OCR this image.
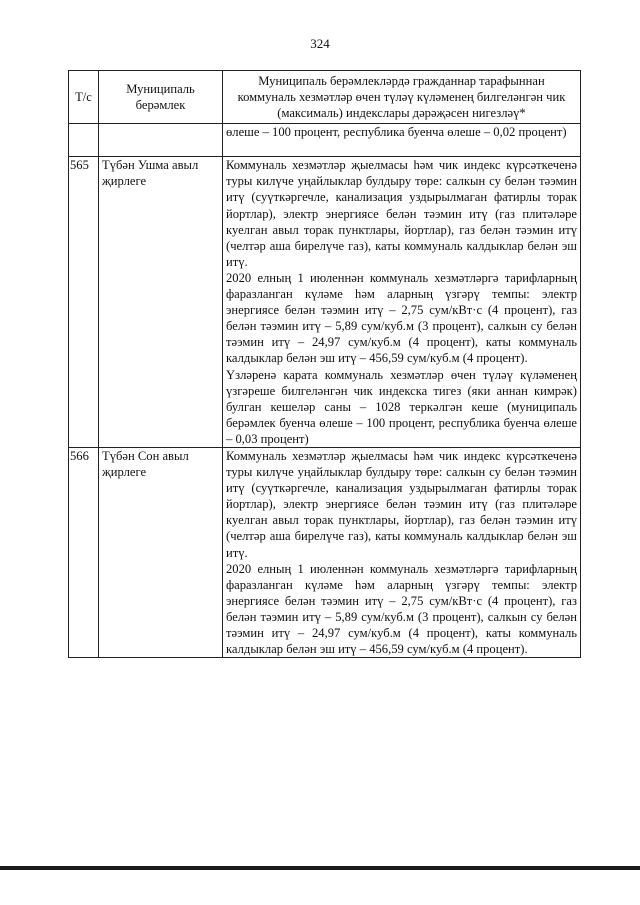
324
Т/с	Муниципаль берәмлек	Муниципаль берәмлекләрдә гражданнар тарафыннан коммуналь хезмәтләр өчен түләү күләменең билгеләнгән чик (максималь) индекслары дәрәҗәсен нигезләү*

		өлеше – 100 процент, республика буенча өлеше – 0,02 процент)

565	Түбән Ушма авыл җирлеге	Коммуналь хезмәтләр җыелмасы һәм чик индекс күрсәткеченә туры килүче уңайлыклар булдыру төре: салкын су белән тәэмин итү (суүткәргечле, канализация уздырылмаган фатирлы торак йортлар), электр энергиясе белән тәэмин итү (газ плитәләре куелган авыл торак пунктлары, йортлар), газ белән тәэмин итү (челтәр аша бирелүче газ), каты коммуналь калдыклар белән эш итү.

2020 елның 1 июленнән коммуналь хезмәтләргә тарифларның фаразланган күләме һәм аларның үзгәрү темпы: электр энергиясе белән тәэмин итү – 2,75 сум/кВт·с (4 процент), газ белән тәэмин итү – 5,89 сум/куб.м (3 процент), салкын су белән тәэмин итү – 24,97 сум/куб.м (4 процент), каты коммуналь калдыклар белән эш итү – 456,59 сум/куб.м (4 процент).

Үзләренә карата коммуналь хезмәтләр өчен түләү күләменең үзгәреше билгеләнгән чик индекска тигез (яки аннан кимрәк) булган кешеләр саны – 1028 теркәлгән кеше (муниципаль берәмлек буенча өлеше – 100 процент, республика буенча өлеше – 0,03 процент)

566	Түбән Сон авыл җирлеге	Коммуналь хезмәтләр җыелмасы һәм чик индекс күрсәткеченә туры килүче уңайлыклар булдыру төре: салкын су белән тәэмин итү (суүткәргечле, канализация уздырылмаган фатирлы торак йортлар), электр энергиясе белән тәэмин итү (газ плитәләре куелган авыл торак пунктлары, йортлар), газ белән тәэмин итү (челтәр аша бирелүче газ), каты коммуналь калдыклар белән эш итү.

2020 елның 1 июленнән коммуналь хезмәтләргә тарифларның фаразланган күләме һәм аларның үзгәрү темпы: электр энергиясе белән тәэмин итү – 2,75 сум/кВт·с (4 процент), газ белән тәэмин итү – 5,89 сум/куб.м (3 процент), салкын су белән тәэмин итү – 24,97 сум/куб.м (4 процент), каты коммуналь калдыклар белән эш итү – 456,59 сум/куб.м (4 процент).
